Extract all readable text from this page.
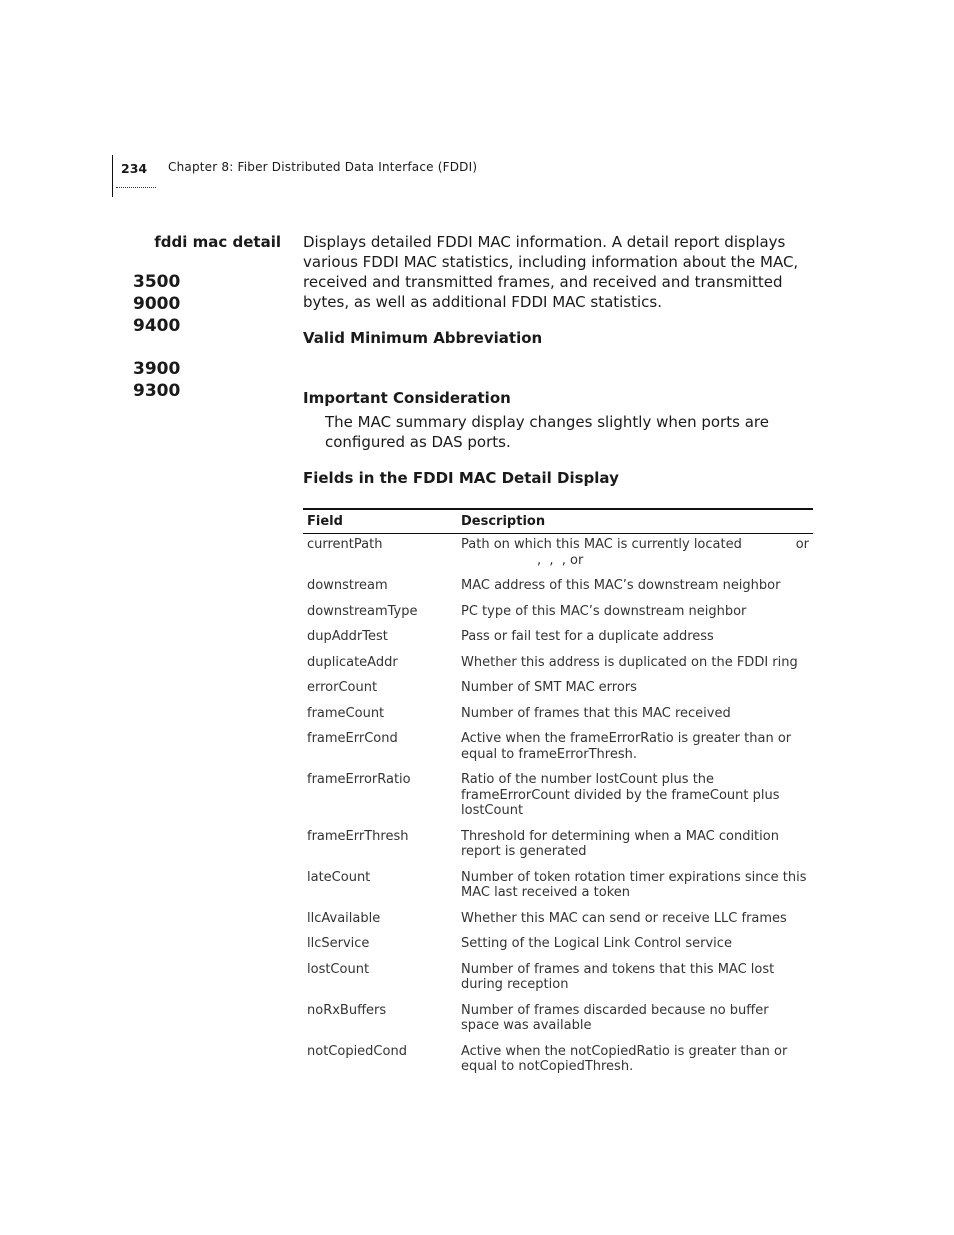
234 Chapter 8: Fiber Distributed Data Interface (FDDI)
fddi mac detail
3500
9000
9400
3900
9300

Displays detailed FDDI MAC information. A detail report displays various FDDI MAC statistics, including information about the MAC, received and transmitted frames, and received and transmitted bytes, as well as additional FDDI MAC statistics.

Valid Minimum Abbreviation

Important Consideration

The MAC summary display changes slightly when ports are configured as DAS ports.

Fields in the FDDI MAC Detail Display

Field	Description
currentPath	Path on which this MAC is currently located or

,  ,  , or
downstream	MAC address of this MAC’s downstream neighbor
downstreamType	PC type of this MAC’s downstream neighbor
dupAddrTest	Pass or fail test for a duplicate address
duplicateAddr	Whether this address is duplicated on the FDDI ring
errorCount	Number of SMT MAC errors
frameCount	Number of frames that this MAC received
frameErrCond	Active when the frameErrorRatio is greater than or equal to frameErrorThresh.
frameErrorRatio	Ratio of the number lostCount plus the frameErrorCount divided by the frameCount plus lostCount
frameErrThresh	Threshold for determining when a MAC condition report is generated
lateCount	Number of token rotation timer expirations since this MAC last received a token
llcAvailable	Whether this MAC can send or receive LLC frames
llcService	Setting of the Logical Link Control service
lostCount	Number of frames and tokens that this MAC lost during reception
noRxBuffers	Number of frames discarded because no buffer space was available
notCopiedCond	Active when the notCopiedRatio is greater than or equal to notCopiedThresh.
